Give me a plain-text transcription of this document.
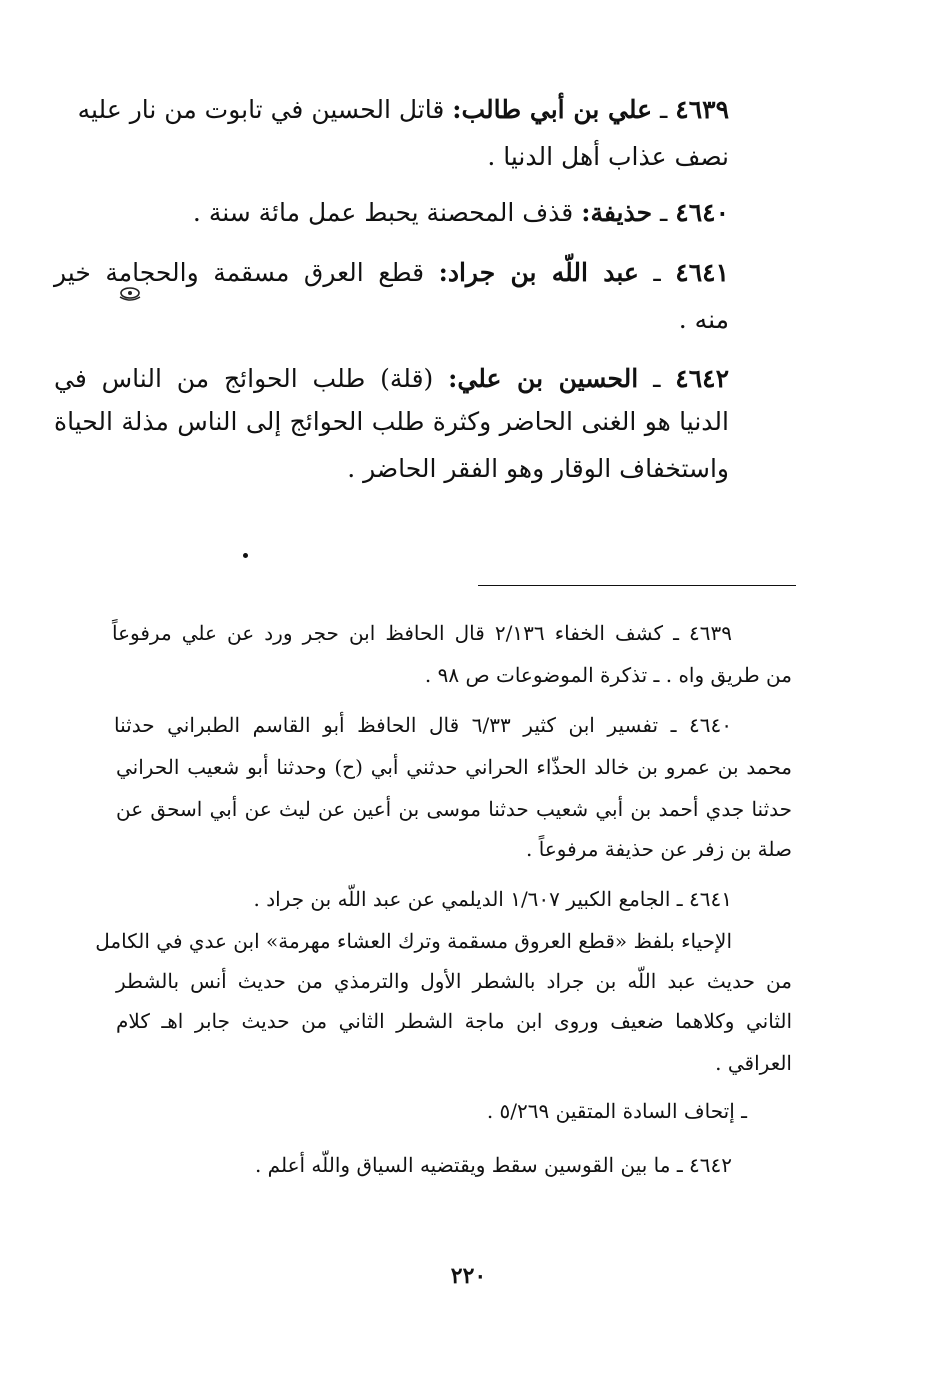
٤٦٣٩ ـ علي بن أبي طالب: قاتل الحسين في تابوت من نار عليه
نصف عذاب أهل الدنيا .
٤٦٤٠ ـ حذيفة: قذف المحصنة يحبط عمل مائة سنة .
٤٦٤١ ـ عبد اللّه بن جراد: قطع العرق مسقمة والحجامة خير
منه .
٤٦٤٢ ـ الحسين بن علي: (قلة) طلب الحوائج من الناس في
الدنيا هو الغنى الحاضر وكثرة طلب الحوائج إلى الناس مذلة الحياة
واستخفاف الوقار وهو الفقر الحاضر .
٤٦٣٩ ـ كشف الخفاء ٢/١٣٦ قال الحافظ ابن حجر ورد عن علي مرفوعاً
من طريق واه . ـ تذكرة الموضوعات ص ٩٨ .
٤٦٤٠ ـ تفسير ابن كثير ٦/٣٣ قال الحافظ أبو القاسم الطبراني حدثنا
محمد بن عمرو بن خالد الحذّاء الحراني حدثني أبي (ح) وحدثنا أبو شعيب الحراني
حدثنا جدي أحمد بن أبي شعيب حدثنا موسى بن أعين عن ليث عن أبي اسحق عن
صلة بن زفر عن حذيفة مرفوعاً .
٤٦٤١ ـ الجامع الكبير ١/٦٠٧ الديلمي عن عبد اللّه بن جراد .
الإحياء بلفظ «قطع العروق مسقمة وترك العشاء مهرمة» ابن عدي في الكامل
من حديث عبد اللّه بن جراد بالشطر الأول والترمذي من حديث أنس بالشطر
الثاني وكلاهما ضعيف وروى ابن ماجة الشطر الثاني من حديث جابر اهـ كلام
العراقي .
ـ إتحاف السادة المتقين ٥/٢٦٩ .
٤٦٤٢ ـ ما بين القوسين سقط ويقتضيه السياق واللّه أعلم .
٢٢٠
